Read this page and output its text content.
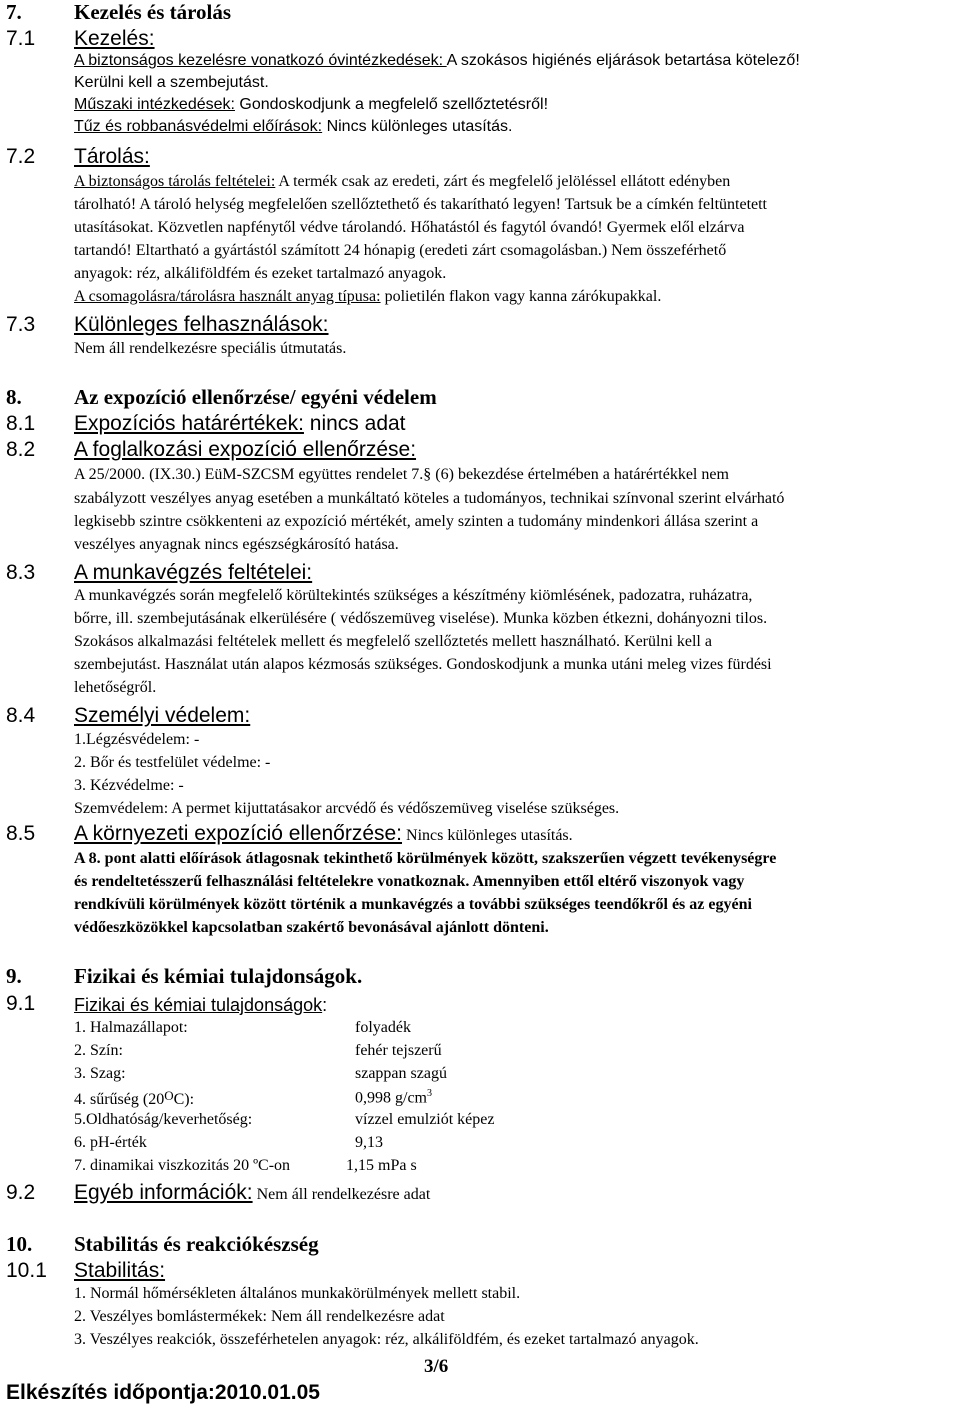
7. Kezelés és tárolás
7.1 Kezelés:
A biztonságos kezelésre vonatkozó óvintézkedések: A szokásos higiénés eljárások betartása kötelező!
Kerülni kell a szembejutást.
Műszaki intézkedések: Gondoskodjunk a megfelelő szellőztetésről!
Tűz és robbanásvédelmi előírások: Nincs különleges utasítás.
7.2 Tárolás:
A biztonságos tárolás feltételei: A termék csak az eredeti, zárt és megfelelő jelöléssel ellátott edényben
tárolható! A tároló helység megfelelően szellőztethető és takarítható legyen! Tartsuk be a címkén feltüntetett
utasításokat. Közvetlen napfénytől védve tárolandó. Hőhatástól és fagytól óvandó! Gyermek elől elzárva
tartandó! Eltartható a gyártástól számított 24 hónapig (eredeti zárt csomagolásban.) Nem összeférhető
anyagok: réz, alkáliföldfém és ezeket tartalmazó anyagok.
A csomagolásra/tárolásra használt anyag típusa: polietilén flakon vagy kanna zárókupakkal.
7.3 Különleges felhasználások:
Nem áll rendelkezésre speciális útmutatás.
8. Az expozíció ellenőrzése/ egyéni védelem
8.1 Expozíciós határértékek: nincs adat
8.2 A foglalkozási expozíció ellenőrzése:
A 25/2000. (IX.30.) EüM-SZCSM együttes rendelet 7.§ (6) bekezdése értelmében a határértékkel nem
szabályzott veszélyes anyag esetében a munkáltató köteles a tudományos, technikai színvonal szerint elvárható
legkisebb szintre csökkenteni az expozíció mértékét, amely szinten a tudomány mindenkori állása szerint a
veszélyes anyagnak nincs egészségkárosító hatása.
8.3 A munkavégzés feltételei:
A munkavégzés során megfelelő körültekintés szükséges a készítmény kiömlésének, padozatra, ruházatra,
bőrre, ill. szembejutásának elkerülésére ( védőszemüveg viselése). Munka közben étkezni, dohányozni tilos.
Szokásos alkalmazási feltételek mellett és megfelelő szellőztetés mellett használható. Kerülni kell a
szembejutást. Használat után alapos kézmosás szükséges. Gondoskodjunk a munka utáni meleg vizes fürdési
lehetőségről.
8.4 Személyi védelem:
1.Légzésvédelem: -
2. Bőr és testfelület védelme: -
3. Kézvédelme: -
Szemvédelem: A permet kijuttatásakor arcvédő és védőszemüveg viselése szükséges.
8.5 A környezeti expozíció ellenőrzése: Nincs különleges utasítás.
A 8. pont alatti előírások átlagosnak tekinthető körülmények között, szakszerűen végzett tevékenységre
és rendeltetésszerű felhasználási feltételekre vonatkoznak. Amennyiben ettől eltérő viszonyok vagy
rendkívüli körülmények között történik a munkavégzés a további szükséges teendőkről és az egyéni
védőeszközökkel kapcsolatban szakértő bevonásával ajánlott dönteni.
9. Fizikai és kémiai tulajdonságok.
9.1 Fizikai és kémiai tulajdonságok:
1. Halmazállapot:	folyadék
2. Szín:	fehér tejszerű
3. Szag:	szappan szagú
4. sűrűség $(20^OC)$:	0,998 $g/cm^3$
5.Oldhatóság/keverhetőség:	vízzel emulziót képez
6. pH-érték	9,13
7. dinamikai viszkozitás 20 ºC-on	1,15 mPa s
9.2 Egyéb információk: Nem áll rendelkezésre adat
10. Stabilitás és reakciókészség
10.1 Stabilitás:
1. Normál hőmérsékleten általános munkakörülmények mellett stabil.
2. Veszélyes bomlástermékek: Nem áll rendelkezésre adat
3. Veszélyes reakciók, összeférhetelen anyagok: réz, alkáliföldfém, és ezeket tartalmazó anyagok.
3/6
Elkészítés időpontja:2010.01.05
